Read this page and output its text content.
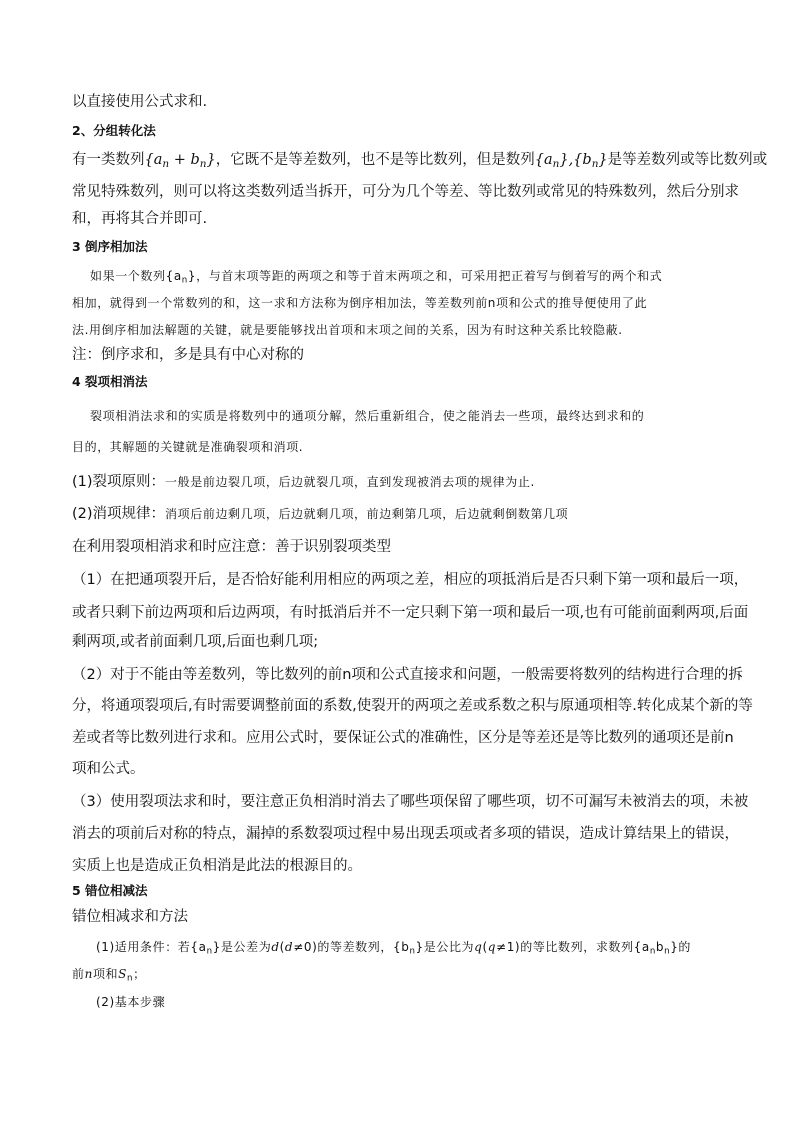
以直接使用公式求和.
2、分组转化法
有一类数列$\{a_n + b_n\}$，它既不是等差数列，也不是等比数列，但是数列$\{a_n\},\{b_n\}$是等差数列或等比数列或
常见特殊数列，则可以将这类数列适当拆开，可分为几个等差、等比数列或常见的特殊数列，然后分别求
和，再将其合并即可.
3 倒序相加法
如果一个数列$\{a_n\}$，与首末项等距的两项之和等于首末两项之和，可采用把正着写与倒着写的两个和式
相加，就得到一个常数列的和，这一求和方法称为倒序相加法，等差数列前n项和公式的推导便使用了此
法.用倒序相加法解题的关键，就是要能够找出首项和末项之间的关系，因为有时这种关系比较隐蔽.
注：倒序求和，多是具有中心对称的
4 裂项相消法
裂项相消法求和的实质是将数列中的通项分解，然后重新组合，使之能消去一些项，最终达到求和的
目的，其解题的关键就是准确裂项和消项.
(1)裂项原则：一般是前边裂几项，后边就裂几项，直到发现被消去项的规律为止.
(2)消项规律：消项后前边剩几项，后边就剩几项，前边剩第几项，后边就剩倒数第几项
在利用裂项相消求和时应注意：善于识别裂项类型
（1）在把通项裂开后，是否恰好能利用相应的两项之差，相应的项抵消后是否只剩下第一项和最后一项，
或者只剩下前边两项和后边两项，有时抵消后并不一定只剩下第一项和最后一项,也有可能前面剩两项,后面
剩两项,或者前面剩几项,后面也剩几项;
（2）对于不能由等差数列，等比数列的前n项和公式直接求和问题，一般需要将数列的结构进行合理的拆
分，将通项裂项后,有时需要调整前面的系数,使裂开的两项之差或系数之积与原通项相等.转化成某个新的等
差或者等比数列进行求和。应用公式时，要保证公式的准确性，区分是等差还是等比数列的通项还是前n
项和公式。
（3）使用裂项法求和时，要注意正负相消时消去了哪些项保留了哪些项，切不可漏写未被消去的项，未被
消去的项前后对称的特点，漏掉的系数裂项过程中易出现丢项或者多项的错误，造成计算结果上的错误，
实质上也是造成正负相消是此法的根源目的。
5 错位相减法
错位相减求和方法
(1)适用条件：若$\{a_n\}$是公差为d(d≠0)的等差数列，$\{b_n\}$是公比为q(q≠1)的等比数列，求数列$\{a_nb_n\}$的
前n项和$S_n$；
(2)基本步骤
